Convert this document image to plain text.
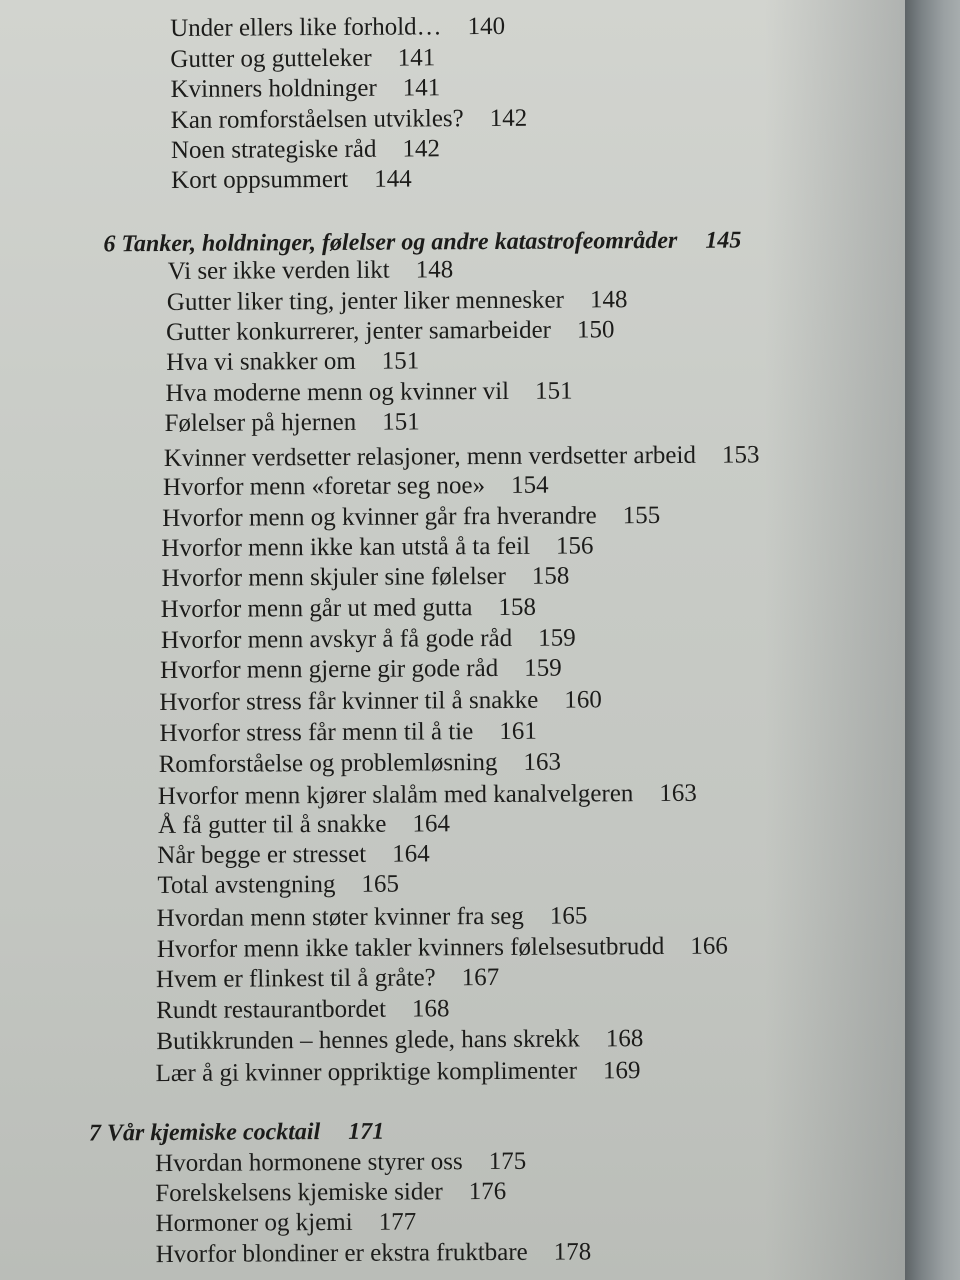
Under ellers like forhold… 140
Gutter og gutteleker 141
Kvinners holdninger 141
Kan romforståelsen utvikles? 142
Noen strategiske råd 142
Kort oppsummert 144
6 Tanker, holdninger, følelser og andre katastrofeområder 145
Vi ser ikke verden likt 148
Gutter liker ting, jenter liker mennesker 148
Gutter konkurrerer, jenter samarbeider 150
Hva vi snakker om 151
Hva moderne menn og kvinner vil 151
Følelser på hjernen 151
Kvinner verdsetter relasjoner, menn verdsetter arbeid 153
Hvorfor menn «foretar seg noe» 154
Hvorfor menn og kvinner går fra hverandre 155
Hvorfor menn ikke kan utstå å ta feil 156
Hvorfor menn skjuler sine følelser 158
Hvorfor menn går ut med gutta 158
Hvorfor menn avskyr å få gode råd 159
Hvorfor menn gjerne gir gode råd 159
Hvorfor stress får kvinner til å snakke 160
Hvorfor stress får menn til å tie 161
Romforståelse og problemløsning 163
Hvorfor menn kjører slalåm med kanalvelgeren 163
Å få gutter til å snakke 164
Når begge er stresset 164
Total avstengning 165
Hvordan menn støter kvinner fra seg 165
Hvorfor menn ikke takler kvinners følelsesutbrudd 166
Hvem er flinkest til å gråte? 167
Rundt restaurantbordet 168
Butikkrunden – hennes glede, hans skrekk 168
Lær å gi kvinner oppriktige komplimenter 169
7 Vår kjemiske cocktail 171
Hvordan hormonene styrer oss 175
Forelskelsens kjemiske sider 176
Hormoner og kjemi 177
Hvorfor blondiner er ekstra fruktbare 178
